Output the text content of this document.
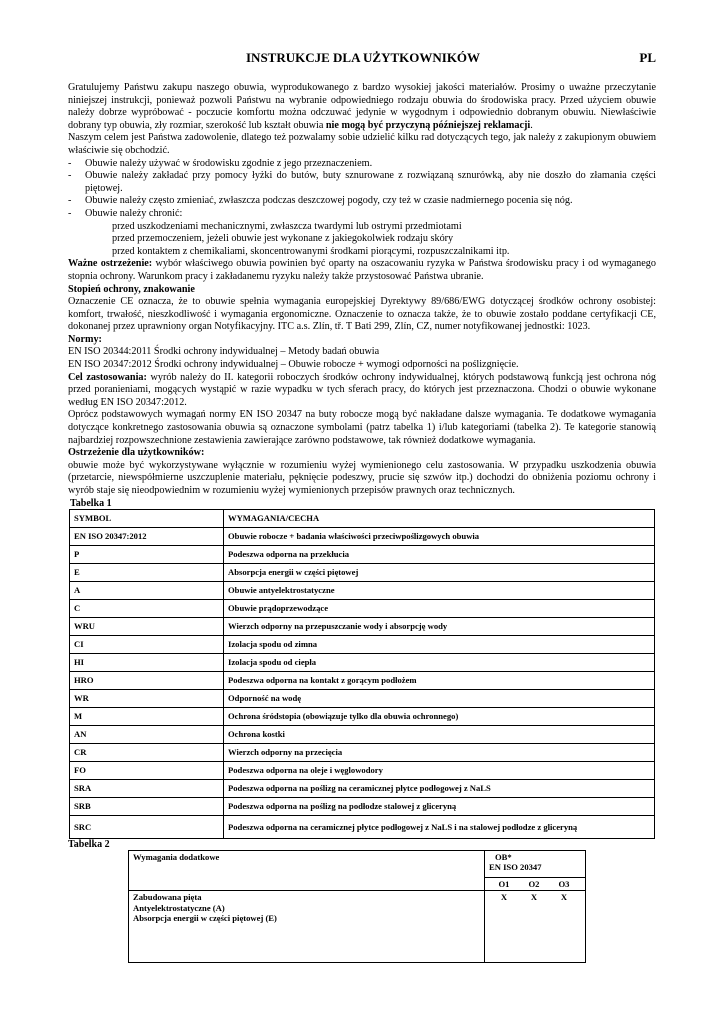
INSTRUKCJE DLA UŻYTKOWNIKÓW	PL

Gratulujemy Państwu zakupu naszego obuwia, wyprodukowanego z bardzo wysokiej jakości materiałów. Prosimy o uważne przeczytanie niniejszej instrukcji, ponieważ pozwoli Państwu na wybranie odpowiedniego rodzaju obuwia do środowiska pracy. Przed użyciem obuwie należy dobrze wypróbować - poczucie komfortu można odczuwać jedynie w wygodnym i odpowiednio dobranym obuwiu. Niewłaściwie dobrany typ obuwia, zły rozmiar, szerokość lub kształt obuwia nie mogą być przyczyną późniejszej reklamacji.

Naszym celem jest Państwa zadowolenie, dlatego też pozwalamy sobie udzielić kilku rad dotyczących tego, jak należy z zakupionym obuwiem właściwie się obchodzić.

- Obuwie należy używać w środowisku zgodnie z jego przeznaczeniem.
- Obuwie należy zakładać przy pomocy łyżki do butów, buty sznurowane z rozwiązaną sznurówką, aby nie doszło do złamania części piętowej.
- Obuwie należy często zmieniać, zwłaszcza podczas deszczowej pogody, czy też w czasie nadmiernego pocenia się nóg.
- Obuwie należy chronić:
przed uszkodzeniami mechanicznymi, zwłaszcza twardymi lub ostrymi przedmiotami
przed przemoczeniem, jeżeli obuwie jest wykonane z jakiegokolwiek rodzaju skóry
przed kontaktem z chemikaliami, skoncentrowanymi środkami piorącymi, rozpuszczalnikami itp.

Ważne ostrzeżenie: wybór właściwego obuwia powinien być oparty na oszacowaniu ryzyka w Państwa środowisku pracy i od wymaganego stopnia ochrony. Warunkom pracy i zakładanemu ryzyku należy także przystosować Państwa ubranie.

Stopień ochrony, znakowanie

Oznaczenie CE oznacza, że to obuwie spełnia wymagania europejskiej Dyrektywy 89/686/EWG dotyczącej środków ochrony osobistej: komfort, trwałość, nieszkodliwość i wymagania ergonomiczne. Oznaczenie to oznacza także, że to obuwie zostało poddane certyfikacji CE, dokonanej przez uprawniony organ Notyfikacyjny. ITC a.s. Zlín, tř. T Bati 299, Zlín, CZ, numer notyfikowanej jednostki: 1023.

Normy:

EN ISO 20344:2011 Środki ochrony indywidualnej – Metody badań obuwia

EN ISO 20347:2012 Środki ochrony indywidualnej – Obuwie robocze + wymogi odporności na poślizgnięcie.

Cel zastosowania: wyrób należy do II. kategorii roboczych środków ochrony indywidualnej, których podstawową funkcją jest ochrona nóg przed poranieniami, mogących wystąpić w razie wypadku w tych sferach pracy, do których jest przeznaczona. Chodzi o obuwie wykonane według EN ISO 20347:2012.

Oprócz podstawowych wymagań normy EN ISO 20347 na buty robocze mogą być nakładane dalsze wymagania. Te dodatkowe wymagania dotyczące konkretnego zastosowania obuwia są oznaczone symbolami (patrz tabelka 1) i/lub kategoriami (tabelka 2). Te kategorie stanowią najbardziej rozpowszechnione zestawienia zawierające zarówno podstawowe, tak również dodatkowe wymagania.

Ostrzeżenie dla użytkowników:

obuwie może być wykorzystywane wyłącznie w rozumieniu wyżej wymienionego celu zastosowania. W przypadku uszkodzenia obuwia (przetarcie, niewspółmierne uszczuplenie materiału, pęknięcie podeszwy, prucie się szwów itp.) dochodzi do obniżenia poziomu ochrony i wyrób staje się nieodpowiednim w rozumieniu wyżej wymienionych przepisów prawnych oraz technicznych.

Tabelka 1
SYMBOL	WYMAGANIA/CECHA
EN ISO 20347:2012	Obuwie robocze + badania właściwości przeciwpoślizgowych obuwia
P	Podeszwa odporna na przekłucia
E	Absorpcja energii w części piętowej
A	Obuwie antyelektrostatyczne
C	Obuwie prądoprzewodzące
WRU	Wierzch odporny na przepuszczanie wody i absorpcję wody
CI	Izolacja spodu od zimna
HI	Izolacja spodu od ciepła
HRO	Podeszwa odporna na kontakt z gorącym podłożem
WR	Odporność na wodę
M	Ochrona śródstopia (obowiązuje tylko dla obuwia ochronnego)
AN	Ochrona kostki
CR	Wierzch odporny na przecięcia
FO	Podeszwa odporna na oleje i węglowodory
SRA	Podeszwa odporna na poślizg na ceramicznej płytce podłogowej z NaLS
SRB	Podeszwa odporna na poślizg na podłodze stalowej z gliceryną
SRC	Podeszwa odporna na ceramicznej płytce podłogowej z NaLS i na stalowej podłodze z gliceryną
Tabelka 2
Wymagania dodatkowe	OB*
EN ISO 20347

	O1 O2 O3

Zabudowana pięta
Antyelektrostatyczne (A)
Absorpcja energii w części piętowej (E)	X X X
